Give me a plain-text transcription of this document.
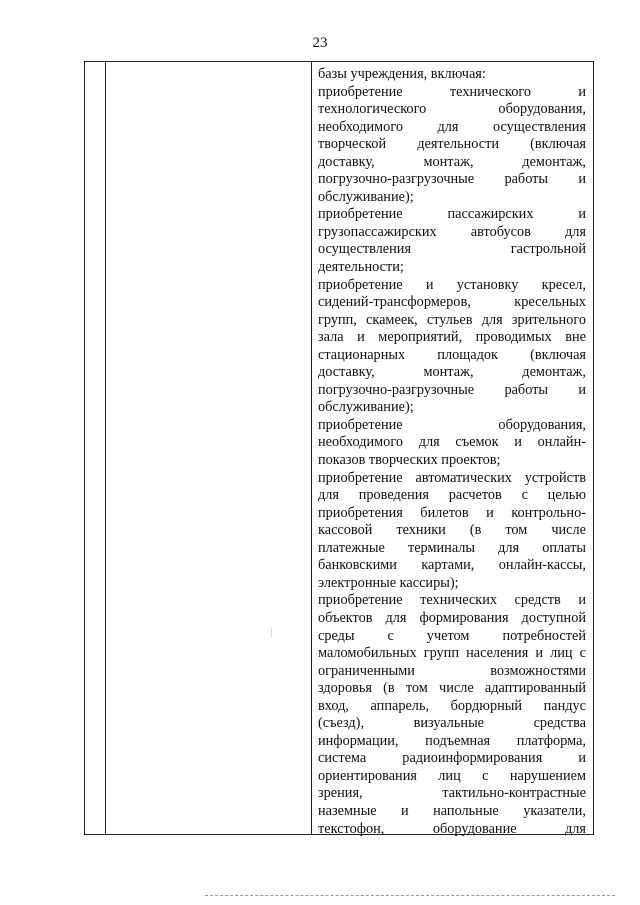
23
базы учреждения, включая:
приобретение технического и
технологического оборудования,
необходимого для осуществления
творческой деятельности (включая
доставку, монтаж, демонтаж,
погрузочно-разгрузочные работы и
обслуживание);
приобретение пассажирских и
грузопассажирских автобусов для
осуществления гастрольной
деятельности;
приобретение и установку кресел,
сидений-трансформеров, кресельных
групп, скамеек, стульев для зрительного
зала и мероприятий, проводимых вне
стационарных площадок (включая
доставку, монтаж, демонтаж,
погрузочно-разгрузочные работы и
обслуживание);
приобретение оборудования,
необходимого для съемок и онлайн-
показов творческих проектов;
приобретение автоматических устройств
для проведения расчетов с целью
приобретения билетов и контрольно-
кассовой техники (в том числе
платежные терминалы для оплаты
банковскими картами, онлайн-кассы,
электронные кассиры);
приобретение технических средств и
объектов для формирования доступной
среды с учетом потребностей
маломобильных групп населения и лиц с
ограниченными возможностями
здоровья (в том числе адаптированный
вход, аппарель, бордюрный пандус
(съезд), визуальные средства
информации, подъемная платформа,
система радиоинформирования и
ориентирования лиц с нарушением
зрения, тактильно-контрастные
наземные и напольные указатели,
текстофон, оборудование для
